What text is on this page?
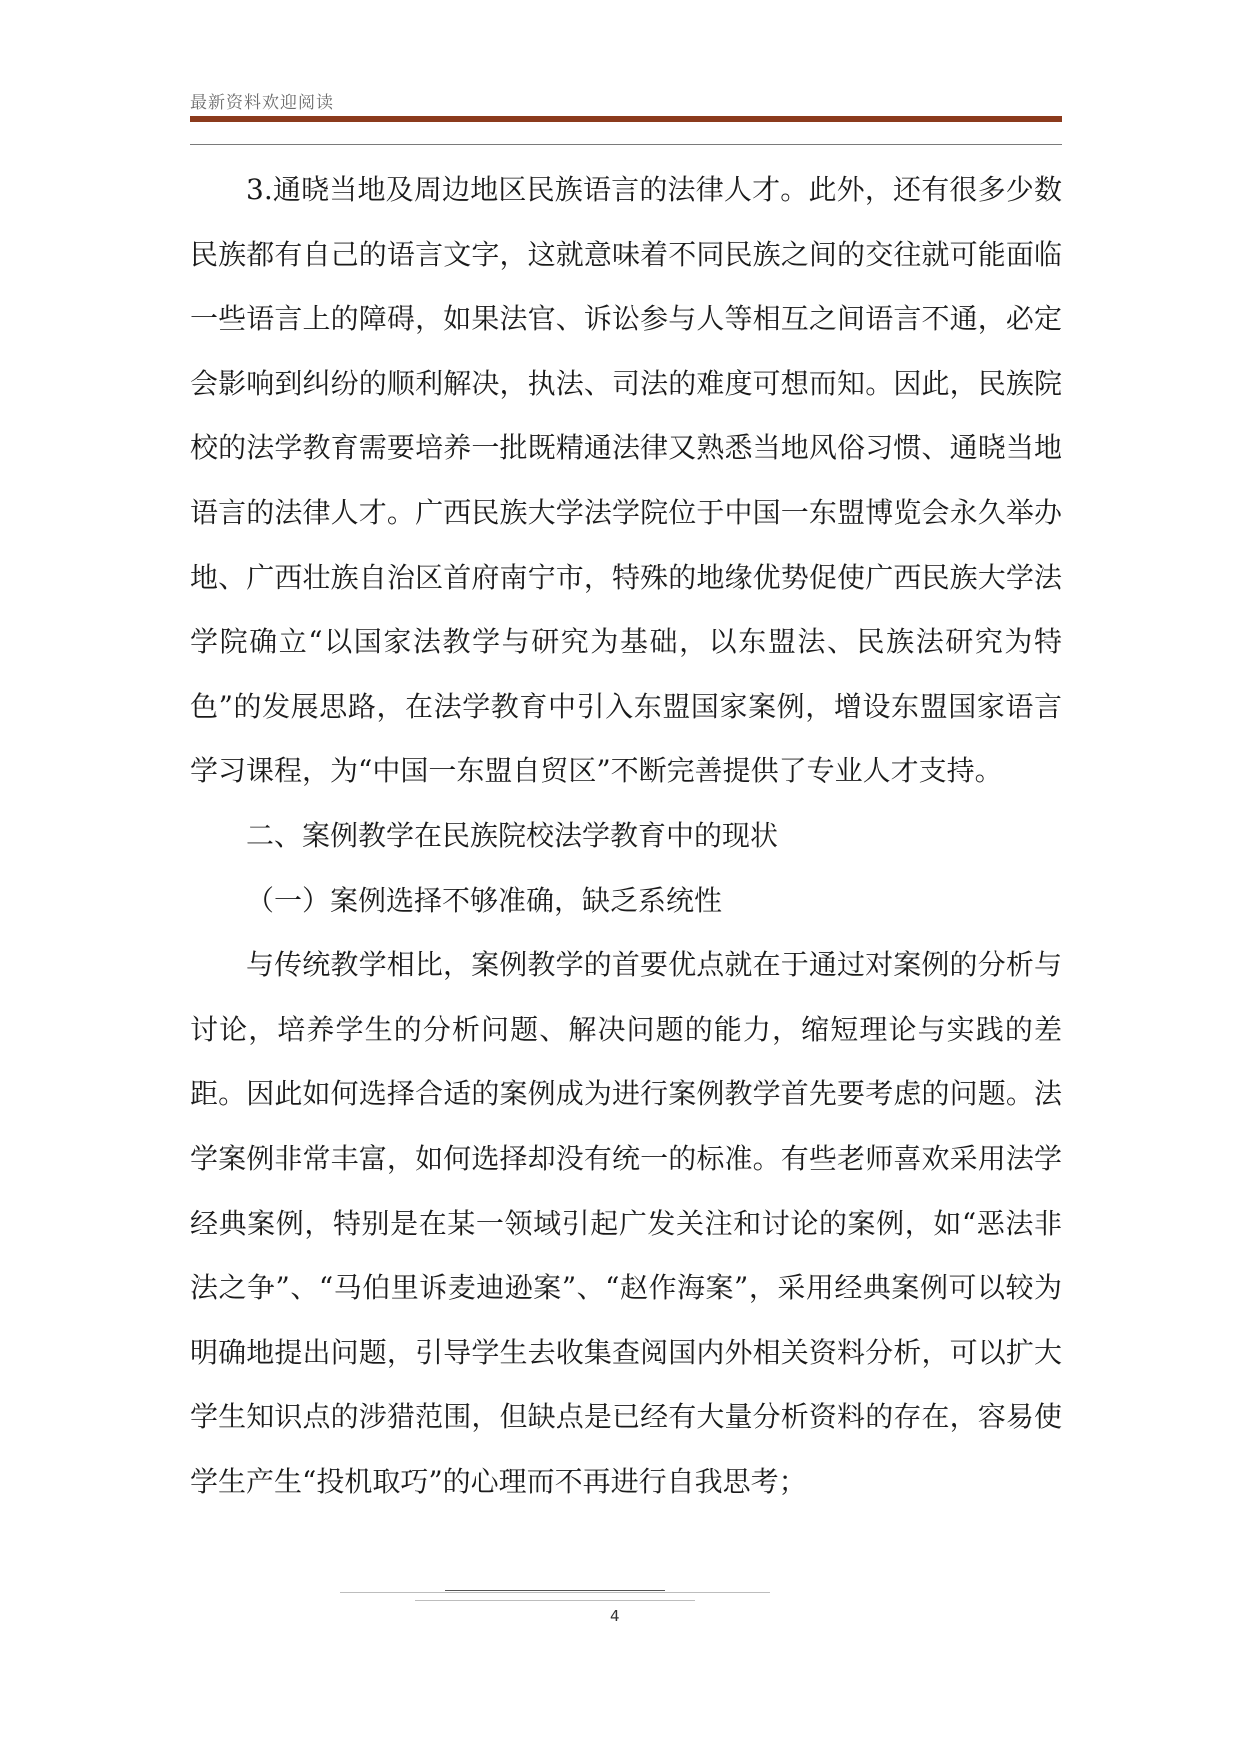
最新资料欢迎阅读

3.通晓当地及周边地区民族语言的法律人才。此外，还有很多少数民族都有自己的语言文字，这就意味着不同民族之间的交往就可能面临一些语言上的障碍，如果法官、诉讼参与人等相互之间语言不通，必定会影响到纠纷的顺利解决，执法、司法的难度可想而知。因此，民族院校的法学教育需要培养一批既精通法律又熟悉当地风俗习惯、通晓当地语言的法律人才。广西民族大学法学院位于中国一东盟博览会永久举办地、广西壮族自治区首府南宁市，特殊的地缘优势促使广西民族大学法学院确立“以国家法教学与研究为基础，以东盟法、民族法研究为特色”的发展思路，在法学教育中引入东盟国家案例，增设东盟国家语言学习课程，为“中国一东盟自贸区”不断完善提供了专业人才支持。

二、案例教学在民族院校法学教育中的现状

（一）案例选择不够准确，缺乏系统性

与传统教学相比，案例教学的首要优点就在于通过对案例的分析与讨论，培养学生的分析问题、解决问题的能力，缩短理论与实践的差距。因此如何选择合适的案例成为进行案例教学首先要考虑的问题。法学案例非常丰富，如何选择却没有统一的标准。有些老师喜欢采用法学经典案例，特别是在某一领域引起广发关注和讨论的案例，如“恶法非法之争”、“马伯里诉麦迪逊案”、“赵作海案”，采用经典案例可以较为明确地提出问题，引导学生去收集查阅国内外相关资料分析，可以扩大学生知识点的涉猎范围，但缺点是已经有大量分析资料的存在，容易使学生产生“投机取巧”的心理而不再进行自我思考；

4
